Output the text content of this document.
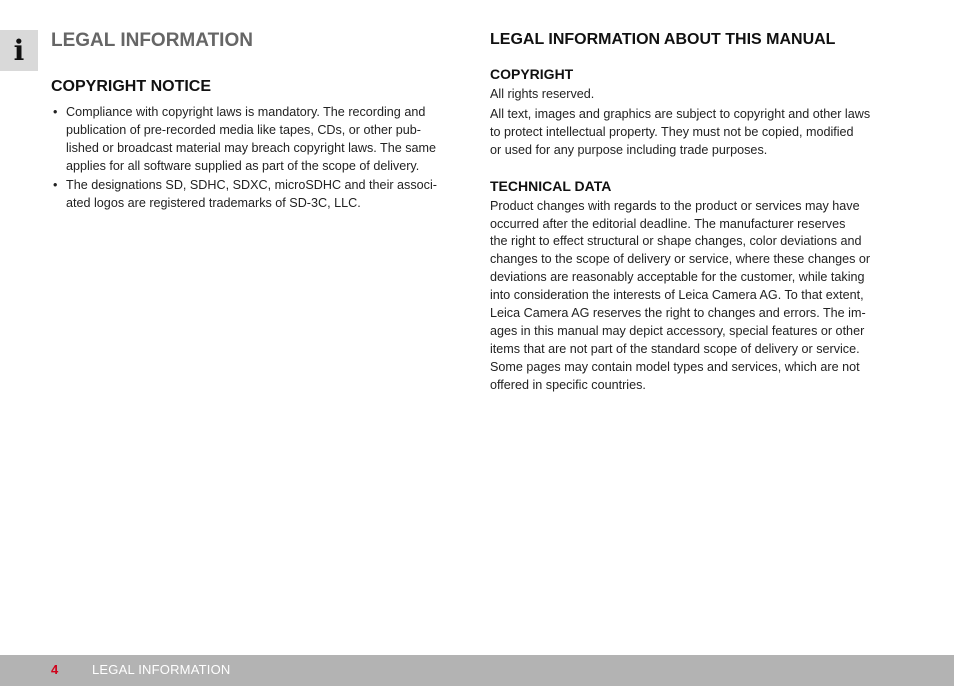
i	LEGAL INFORMATION
COPYRIGHT NOTICE
• Compliance with copyright laws is mandatory. The recording and
publication of pre-recorded media like tapes, CDs, or other pub-
lished or broadcast material may breach copyright laws. The same
applies for all software supplied as part of the scope of delivery.
• The designations SD, SDHC, SDXC, microSDHC and their associ-
ated logos are registered trademarks of SD-3C, LLC.
LEGAL INFORMATION ABOUT THIS MANUAL
COPYRIGHT

All rights reserved.

All text, images and graphics are subject to copyright and other laws
to protect intellectual property. They must not be copied, modified
or used for any purpose including trade purposes.

TECHNICAL DATA

Product changes with regards to the product or services may have
occurred after the editorial deadline. The manufacturer reserves
the right to effect structural or shape changes, color deviations and
changes to the scope of delivery or service, where these changes or
deviations are reasonably acceptable for the customer, while taking
into consideration the interests of Leica Camera AG. To that extent,
Leica Camera AG reserves the right to changes and errors. The im-
ages in this manual may depict accessory, special features or other
items that are not part of the standard scope of delivery or service.
Some pages may contain model types and services, which are not
offered in specific countries.

4	LEGAL INFORMATION
